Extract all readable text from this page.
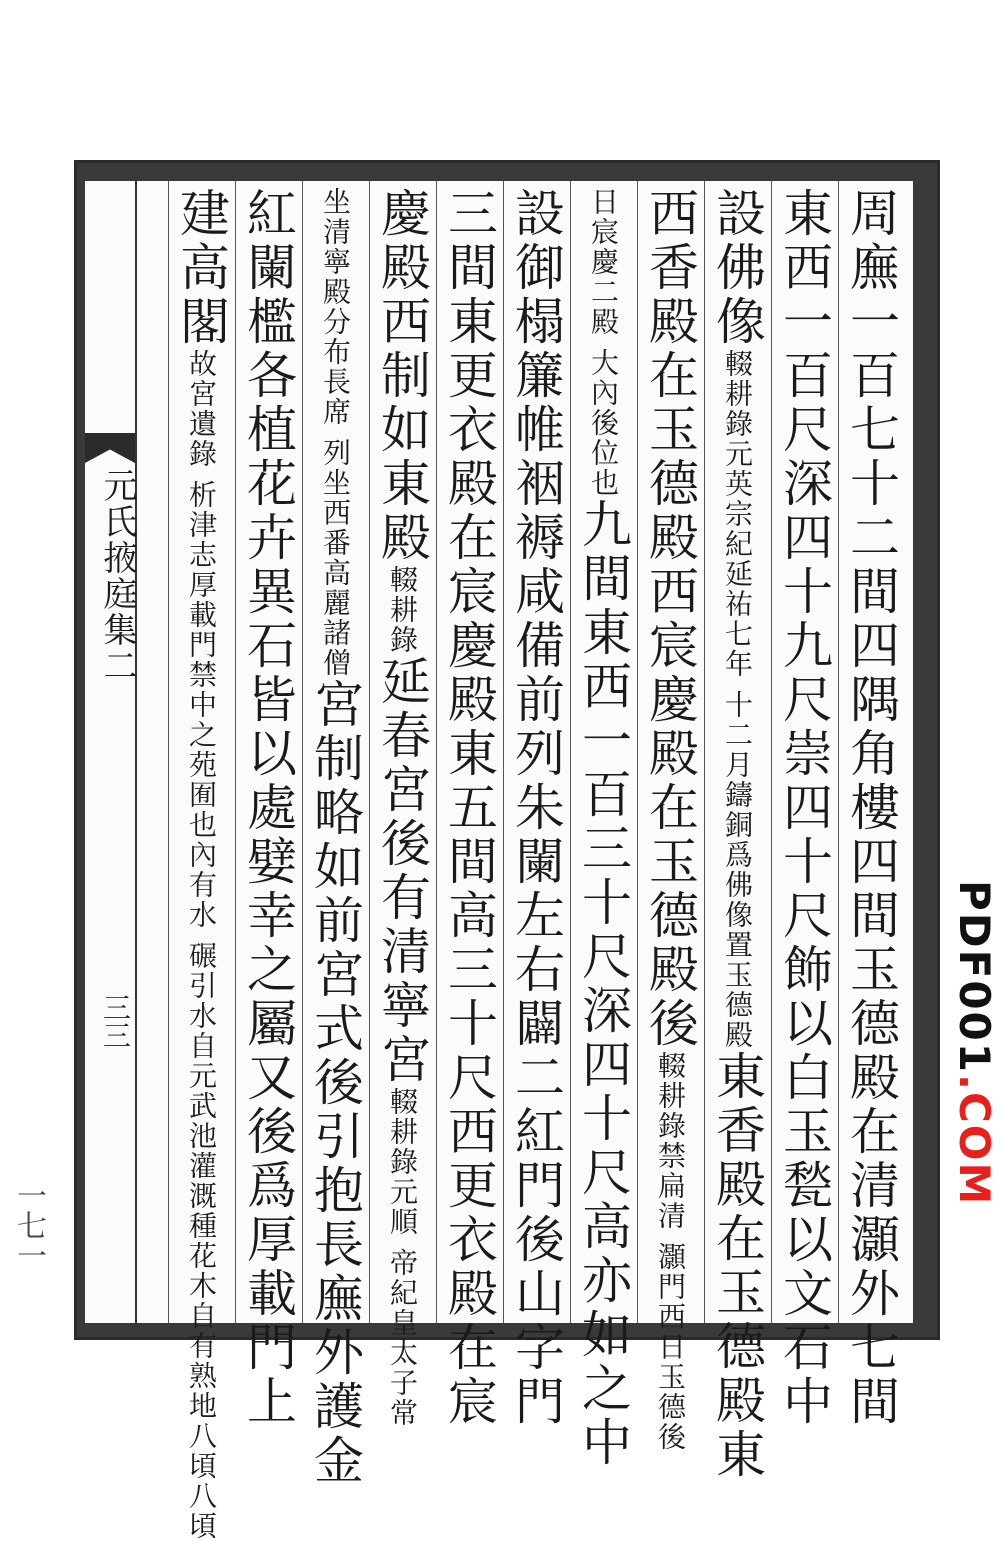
元氏掖庭集二
三三	周廡一百七十二間四隅角樓四間玉德殿在清灝外七間
東西一百尺深四十九尺崇四十尺飾以白玉甃以文石中
設佛像輟耕錄元英宗紀延祐七年 十二月鑄銅爲佛像置玉德殿東香殿在玉德殿東
西香殿在玉德殿西宸慶殿在玉德殿後輟耕錄禁扁清 灝門西日玉德後
日宸慶二殿 大內後位也九間東西一百三十尺深四十尺高亦如之中
設御榻簾帷裀褥咸備前列朱闌左右闢二紅門後山字門
三間東更衣殿在宸慶殿東五間高三十尺西更衣殿在宸
慶殿西制如東殿輟耕錄延春宮後有清寧宮輟耕錄元順 帝紀皇太子常
坐清寧殿分布長席 列坐西番高麗諸僧宮制略如前宮式後引抱長廡外護金
紅闌檻各植花卉異石皆以處嬖幸之屬又後爲厚載門上
建高閣故宮遺錄 析津志厚載門禁中之苑囿也內有水 碾引水自元武池灌溉種花木自有熟地八頃八頃
一七一
PDF001.COM
